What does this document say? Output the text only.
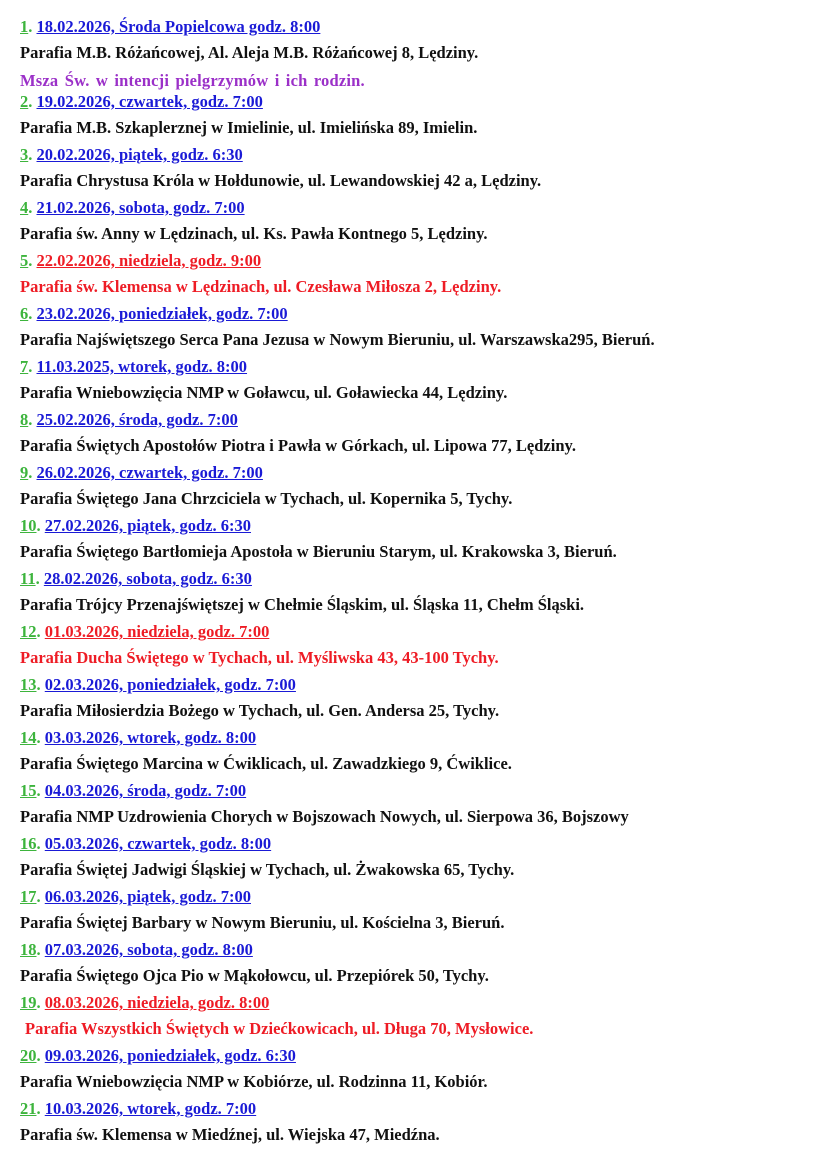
1. 18.02.2026, Środa Popielcowa godz. 8:00
Parafia M.B. Różańcowej, Al. Aleja M.B. Różańcowej 8, Lędziny.
Msza Św. w intencji pielgrzymów i ich rodzin.
2. 19.02.2026, czwartek, godz. 7:00
Parafia M.B. Szkaplerznej w Imielinie, ul. Imielińska 89, Imielin.
3. 20.02.2026, piątek, godz. 6:30
Parafia Chrystusa Króla w Hołdunowie, ul. Lewandowskiej 42 a, Lędziny.
4. 21.02.2026, sobota, godz. 7:00
Parafia św. Anny w Lędzinach, ul. Ks. Pawła Kontnego 5, Lędziny.
5. 22.02.2026, niedziela, godz. 9:00
Parafia św. Klemensa w Lędzinach, ul. Czesława Miłosza 2, Lędziny.
6. 23.02.2026, poniedziałek, godz. 7:00
Parafia Najświętszego Serca Pana Jezusa w Nowym Bieruniu, ul. Warszawska295, Bieruń.
7. 11.03.2025, wtorek, godz. 8:00
Parafia Wniebowzięcia NMP w Goławcu, ul. Goławiecka 44, Lędziny.
8. 25.02.2026, środa, godz. 7:00
Parafia Świętych Apostołów Piotra i Pawła w Górkach, ul. Lipowa 77, Lędziny.
9. 26.02.2026, czwartek, godz. 7:00
Parafia Świętego Jana Chrzciciela w Tychach, ul. Kopernika 5, Tychy.
10. 27.02.2026, piątek, godz. 6:30
Parafia Świętego Bartłomieja Apostoła w Bieruniu Starym, ul. Krakowska 3, Bieruń.
11. 28.02.2026, sobota, godz. 6:30
Parafia Trójcy Przenajświętszej w Chełmie Śląskim, ul. Śląska 11, Chełm Śląski.
12. 01.03.2026, niedziela, godz. 7:00
Parafia Ducha Świętego w Tychach, ul. Myśliwska 43, 43-100 Tychy.
13. 02.03.2026, poniedziałek, godz. 7:00
Parafia Miłosierdzia Bożego w Tychach, ul. Gen. Andersa 25, Tychy.
14. 03.03.2026, wtorek, godz. 8:00
Parafia Świętego Marcina w Ćwiklicach, ul. Zawadzkiego 9, Ćwiklice.
15. 04.03.2026, środa, godz. 7:00
Parafia NMP Uzdrowienia Chorych w Bojszowach Nowych, ul. Sierpowa 36, Bojszowy
16. 05.03.2026, czwartek, godz. 8:00
Parafia Świętej Jadwigi Śląskiej w Tychach, ul. Żwakowska 65, Tychy.
17. 06.03.2026, piątek, godz. 7:00
Parafia Świętej Barbary w Nowym Bieruniu, ul. Kościelna 3, Bieruń.
18. 07.03.2026, sobota, godz. 8:00
Parafia Świętego Ojca Pio w Mąkołowcu, ul. Przepiórek 50, Tychy.
19. 08.03.2026, niedziela, godz. 8:00
Parafia Wszystkich Świętych w Dziećkowicach, ul. Długa 70, Mysłowice.
20. 09.03.2026, poniedziałek, godz. 6:30
Parafia Wniebowzięcia NMP w Kobiórze, ul. Rodzinna 11, Kobiór.
21. 10.03.2026, wtorek, godz. 7:00
Parafia św. Klemensa w Miedźnej, ul. Wiejska 47, Miedźna.
